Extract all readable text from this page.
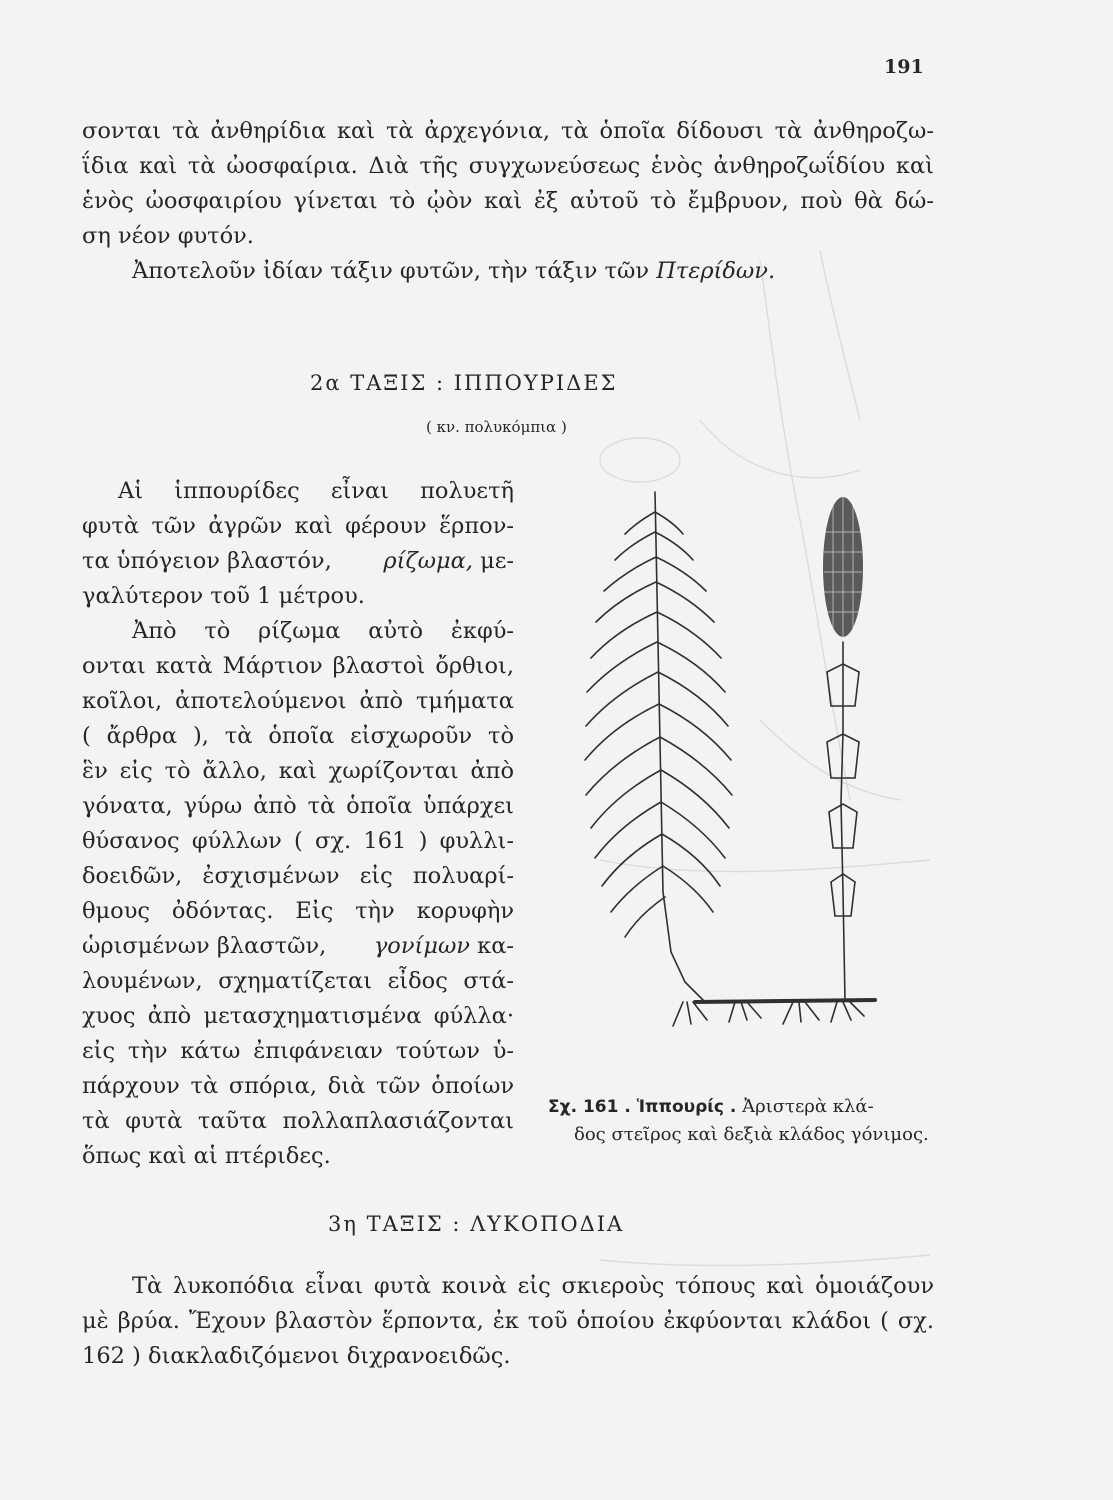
191
σονται τὰ ἀνθηρίδια καὶ τὰ ἀρχεγόνια, τὰ ὁποῖα δίδουσι τὰ ἀνθηροζω-
ΐδια καὶ τὰ ὠοσφαίρια. Διὰ τῆς συγχωνεύσεως ἑνὸς ἀνθηροζωΐδίου καὶ
ἑνὸς ὠοσφαιρίου γίνεται τὸ ᾠὸν καὶ ἐξ αὐτοῦ τὸ ἔμβρυον, ποὺ θὰ δώ-
ση νέον φυτόν.
Ἀποτελοῦν ἰδίαν τάξιν φυτῶν, τὴν τάξιν τῶν Πτερίδων.
2α ΤΑΞΙΣ : ΙΠΠΟΥΡΙΔΕΣ
( κν. πολυκόμπια )
Αἱ ἱππουρίδες εἶναι πολυετῆ
φυτὰ τῶν ἀγρῶν καὶ φέρουν ἕρπον-
τα ὑπόγειον βλαστόν, ρίζωμα, με-
γαλύτερον τοῦ 1 μέτρου.
Ἀπὸ τὸ ρίζωμα αὐτὸ ἐκφύ-
ονται κατὰ Μάρτιον βλαστοὶ ὄρθιοι,
κοῖλοι, ἀποτελούμενοι ἀπὸ τμήματα
( ἄρθρα ), τὰ ὁποῖα εἰσχωροῦν τὸ
ἓν εἰς τὸ ἄλλο, καὶ χωρίζονται ἀπὸ
γόνατα, γύρω ἀπὸ τὰ ὁποῖα ὑπάρχει
θύσανος φύλλων ( σχ. 161 ) φυλλι-
δοειδῶν, ἐσχισμένων εἰς πολυαρί-
θμους ὀδόντας. Εἰς τὴν κορυφὴν
ὡρισμένων βλαστῶν, γονίμων κα-
λουμένων, σχηματίζεται εἶδος στά-
χυος ἀπὸ μετασχηματισμένα φύλλα·
εἰς τὴν κάτω ἐπιφάνειαν τούτων ὑ-
πάρχουν τὰ σπόρια, διὰ τῶν ὁποίων
τὰ φυτὰ ταῦτα πολλαπλασιάζονται
ὅπως καὶ αἱ πτέριδες.
Σχ. 161 . Ἱππουρίς . Ἀριστερὰ κλά-
δος στεῖρος καὶ δεξιὰ κλάδος γόνιμος.
3η ΤΑΞΙΣ : ΛΥΚΟΠΟΔΙΑ
Τὰ λυκοπόδια εἶναι φυτὰ κοινὰ εἰς σκιεροὺς τόπους καὶ ὁμοιάζουν
μὲ βρύα. Ἔχουν βλαστὸν ἕρποντα, ἐκ τοῦ ὁποίου ἐκφύονται κλάδοι ( σχ.
162 ) διακλαδιζόμενοι διχρανοειδῶς.
